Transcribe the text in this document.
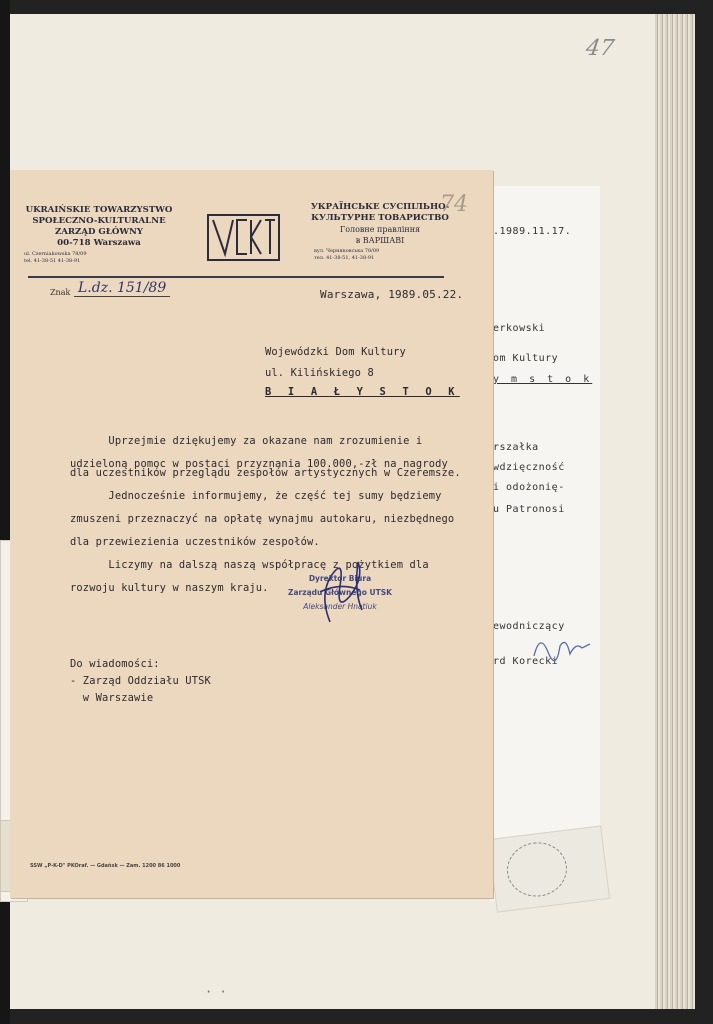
47
.1989.11.17.
erkowski
om Kultury
y m s t o k
rszałka
wdzięczność
i odożonię-
u Patronosi
ewodniczący
rd Korecki
UKRAIŃSKIE TOWARZYSTWO
SPOŁECZNO-KULTURALNE
ZARZĄD GŁÓWNY
00-718 Warszawa
ul. Czerniakowska 78/09
tel. 41-38-51 41-38-91
УКРАЇНСЬКЕ СУСПІЛЬНО-
КУЛЬТУРНЕ ТОВАРИСТВО
Головне правління
в ВАРШАВІ
вул. Черняковська 78/09
тел. 41-38-51, 41-38-91
74
Znak L.dz. 151/89	Warszawa, 1989.05.22.
Wojewódzki Dom Kultury
ul. Kilińskiego 8
B I A Ł Y S T O K
Uprzejmie dziękujemy za okazane nam zrozumienie i
udzieloną pomoc w postaci przyznania 100.000,-zł na nagrody
dla uczestników przeglądu zespołów artystycznych w Czeremsze.
Jednocześnie informujemy, że część tej sumy będziemy
zmuszeni przeznaczyć na opłatę wynajmu autokaru, niezbędnego
dla przewiezienia uczestników zespołów.
Liczymy na dalszą naszą współpracę z pożytkiem dla
rozwoju kultury w naszym kraju.
Dyrektor Biura
Zarządu Głównego UTSK
Aleksander Hnatiuk
Do wiadomości:
- Zarząd Oddziału UTSK
w Warszawie
SSW „P-K-D" PKOraf. — Gdańsk — Zam. 1200 86 1000
· ·
